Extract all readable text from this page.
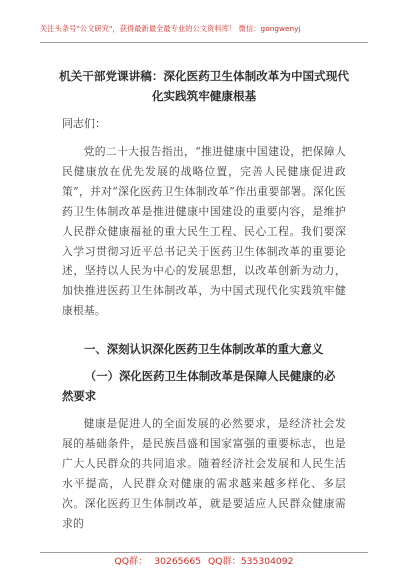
关注头条号"公文研究"，获得最新最全最专业的公文资料库！ 微信：gongwenyj
机关干部党课讲稿：深化医药卫生体制改革为中国式现代化实践筑牢健康根基
同志们：
党的二十大报告指出，“推进健康中国建设，把保障人民健康放在优先发展的战略位置，完善人民健康促进政策”，并对“深化医药卫生体制改革”作出重要部署。深化医药卫生体制改革是推进健康中国建设的重要内容，是维护人民群众健康福祉的重大民生工程、民心工程。我们要深入学习贯彻习近平总书记关于医药卫生体制改革的重要论述，坚持以人民为中心的发展思想，以改革创新为动力，加快推进医药卫生体制改革，为中国式现代化实践筑牢健康根基。
一、深刻认识深化医药卫生体制改革的重大意义
（一）深化医药卫生体制改革是保障人民健康的必然要求
健康是促进人的全面发展的必然要求，是经济社会发展的基础条件，是民族昌盛和国家富强的重要标志，也是广大人民群众的共同追求。随着经济社会发展和人民生活水平提高，人民群众对健康的需求越来越多样化、多层次。深化医药卫生体制改革，就是要适应人民群众健康需求的
QQ群： 30265665 QQ群：535304092
